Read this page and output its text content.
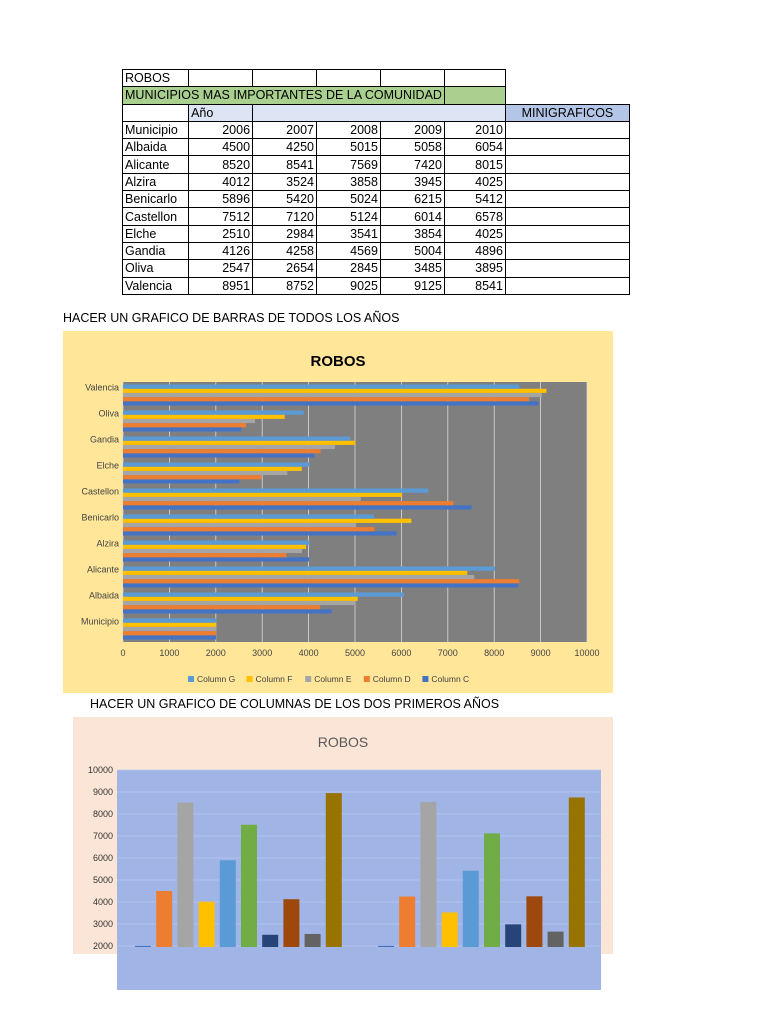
ROBOS						
MUNICIPIOS MAS IMPORTANTES DE LA COMUNIDAD						
	Año					MINIGRAFICOS
Municipio	2006	2007	2008	2009	2010	
Albaida	4500	4250	5015	5058	6054	
Alicante	8520	8541	7569	7420	8015	
Alzira	4012	3524	3858	3945	4025	
Benicarlo	5896	5420	5024	6215	5412	
Castellon	7512	7120	5124	6014	6578	
Elche	2510	2984	3541	3854	4025	
Gandia	4126	4258	4569	5004	4896	
Oliva	2547	2654	2845	3485	3895	
Valencia	8951	8752	9025	9125	8541	
HACER UN GRAFICO DE BARRAS DE TODOS LOS AÑOS
ROBOS
0	1000	2000	3000	4000	5000	6000	7000	8000	9000	10000
Municipio
Albaida
Alicante
Alzira
Benicarlo
Castellon
Elche
Gandia
Oliva
Valencia
Column G Column F	Column E	Column D Column C
HACER UN GRAFICO DE COLUMNAS DE LOS DOS PRIMEROS AÑOS
ROBOS
2000
3000
4000
5000
6000
7000
8000
9000
10000
